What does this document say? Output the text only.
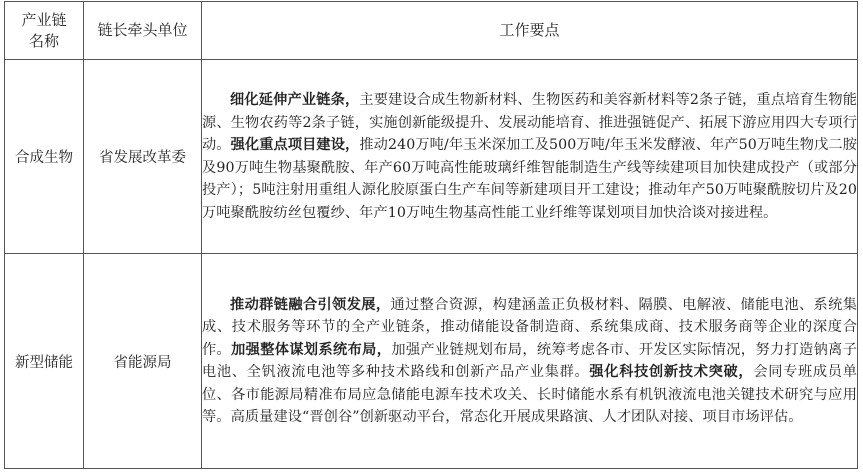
产业链
名称	链长牵头单位	工作要点
合成生物	省发展改革委	细化延伸产业链条，主要建设合成生物新材料、生物医药和美容新材料等2条子链，重点培育生物能源、生物农药等2条子链，实施创新能级提升、发展动能培育、推进强链促产、拓展下游应用四大专项行动。强化重点项目建设，推动240万吨/年玉米深加工及500万吨/年玉米发酵液、年产50万吨生物戊二胺及90万吨生物基聚酰胺、年产60万吨高性能玻璃纤维智能制造生产线等续建项目加快建成投产（或部分投产）；5吨注射用重组人源化胶原蛋白生产车间等新建项目开工建设；推动年产50万吨聚酰胺切片及20万吨聚酰胺纺丝包覆纱、年产10万吨生物基高性能工业纤维等谋划项目加快洽谈对接进程。

新型储能	省能源局	推动群链融合引领发展，通过整合资源，构建涵盖正负极材料、隔膜、电解液、储能电池、系统集成、技术服务等环节的全产业链条，推动储能设备制造商、系统集成商、技术服务商等企业的深度合作。加强整体谋划系统布局，加强产业链规划布局，统筹考虑各市、开发区实际情况，努力打造钠离子电池、全钒液流电池等多种技术路线和创新产品产业集群。强化科技创新技术突破，会同专班成员单位、各市能源局精准布局应急储能电源车技术攻关、长时储能水系有机钒液流电池关键技术研究与应用等。高质量建设“晋创谷”创新驱动平台，常态化开展成果路演、人才团队对接、项目市场评估。
